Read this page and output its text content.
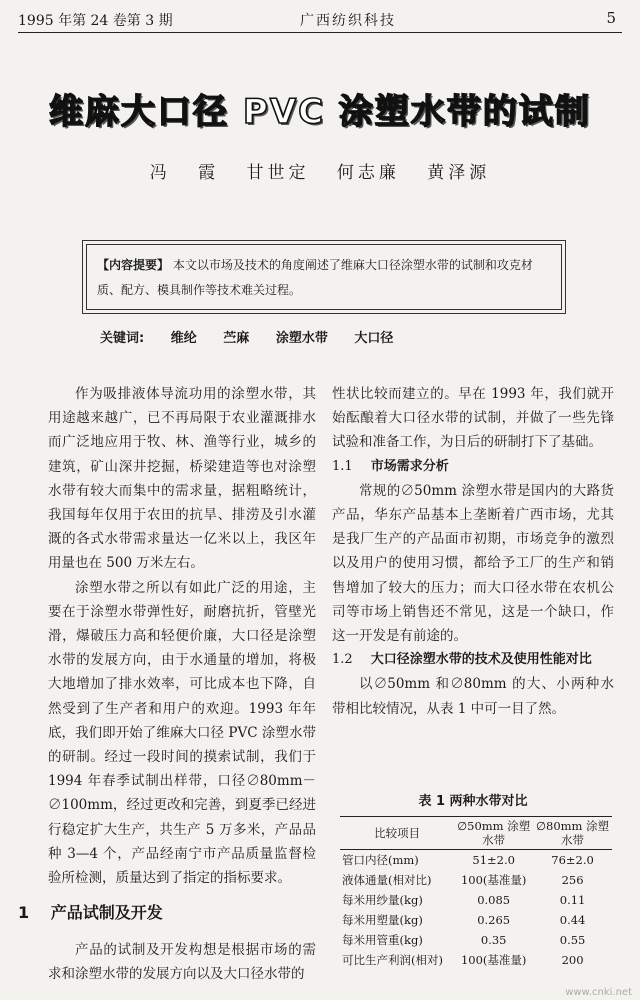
1995 年第 24 卷第 3 期	广西纺织科技	5
维麻大口径 PVC 涂塑水带的试制
冯 霞 甘世定 何志廉 黄泽源
【内容提要】 本文以市场及技术的角度阐述了维麻大口径涂塑水带的试制和攻克材质、配方、模具制作等技术难关过程。
关键词: 维纶 苎麻 涂塑水带 大口径

作为吸排液体导流功用的涂塑水带，其用途越来越广，已不再局限于农业灌溉排水而广泛地应用于牧、林、渔等行业，城乡的建筑，矿山深井挖掘，桥梁建造等也对涂塑水带有较大而集中的需求量，据粗略统计，我国每年仅用于农田的抗旱、排涝及引水灌溉的各式水带需求量达一亿米以上，我区年用量也在 500 万米左右。

涂塑水带之所以有如此广泛的用途，主要在于涂塑水带弹性好，耐磨抗折，管壁光滑，爆破压力高和轻便价廉，大口径是涂塑水带的发展方向，由于水通量的增加，将极大地增加了排水效率，可比成本也下降，自然受到了生产者和用户的欢迎。1993 年年底，我们即开始了维麻大口径 PVC 涂塑水带的研制。经过一段时间的摸索试制，我们于 1994 年春季试制出样带，口径∅80mm－∅100mm，经过更改和完善，到夏季已经进行稳定扩大生产，共生产 5 万多米，产品品种 3—4 个，产品经南宁市产品质量监督检验所检测，质量达到了指定的指标要求。

1 产品试制及开发

产品的试制及开发构想是根据市场的需求和涂塑水带的发展方向以及大口径水带的

性状比较而建立的。早在 1993 年，我们就开始酝酿着大口径水带的试制，并做了一些先锋试验和准备工作，为日后的研制打下了基础。

1.1 市场需求分析

常规的∅50mm 涂塑水带是国内的大路货产品，华东产品基本上垄断着广西市场，尤其是我厂生产的产品面市初期，市场竞争的激烈以及用户的使用习惯，都给予工厂的生产和销售增加了较大的压力；而大口径水带在农机公司等市场上销售还不常见，这是一个缺口，作这一开发是有前途的。

1.2 大口径涂塑水带的技术及使用性能对比

以∅50mm 和∅80mm 的大、小两种水带相比较情况，从表 1 中可一目了然。

表 1 两种水带对比
比较项目	∅50mm 涂塑水带	∅80mm 涂塑水带
管口内径(mm)	51±2.0	76±2.0
液体通量(相对比)	100(基准量)	256
每米用纱量(kg)	0.085	0.11
每米用塑量(kg)	0.265	0.44
每米用管重(kg)	0.35	0.55
可比生产利润(相对)	100(基准量)	200
www.cnki.net
